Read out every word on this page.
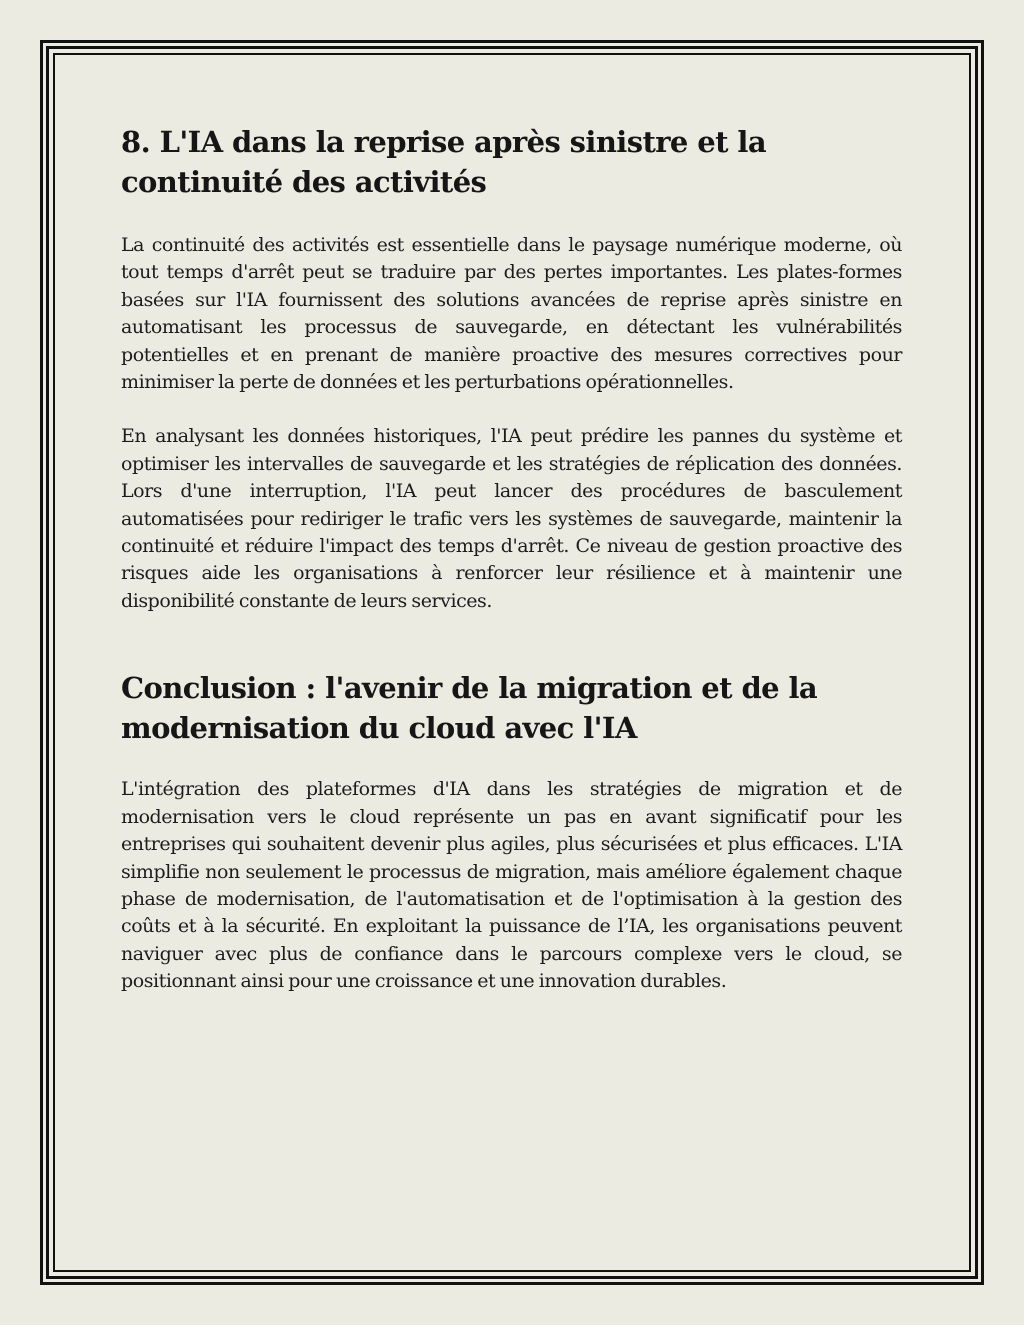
8. L'IA dans la reprise après sinistre et la continuité des activités

La continuité des activités est essentielle dans le paysage numérique moderne, où tout temps d'arrêt peut se traduire par des pertes importantes. Les plates-formes basées sur l'IA fournissent des solutions avancées de reprise après sinistre en automatisant les processus de sauvegarde, en détectant les vulnérabilités potentielles et en prenant de manière proactive des mesures correctives pour minimiser la perte de données et les perturbations opérationnelles.

En analysant les données historiques, l'IA peut prédire les pannes du système et optimiser les intervalles de sauvegarde et les stratégies de réplication des données. Lors d'une interruption, l'IA peut lancer des procédures de basculement automatisées pour rediriger le trafic vers les systèmes de sauvegarde, maintenir la continuité et réduire l'impact des temps d'arrêt. Ce niveau de gestion proactive des risques aide les organisations à renforcer leur résilience et à maintenir une disponibilité constante de leurs services.

Conclusion : l'avenir de la migration et de la modernisation du cloud avec l'IA

L'intégration des plateformes d'IA dans les stratégies de migration et de modernisation vers le cloud représente un pas en avant significatif pour les entreprises qui souhaitent devenir plus agiles, plus sécurisées et plus efficaces. L'IA simplifie non seulement le processus de migration, mais améliore également chaque phase de modernisation, de l'automatisation et de l'optimisation à la gestion des coûts et à la sécurité. En exploitant la puissance de l’IA, les organisations peuvent naviguer avec plus de confiance dans le parcours complexe vers le cloud, se positionnant ainsi pour une croissance et une innovation durables.
